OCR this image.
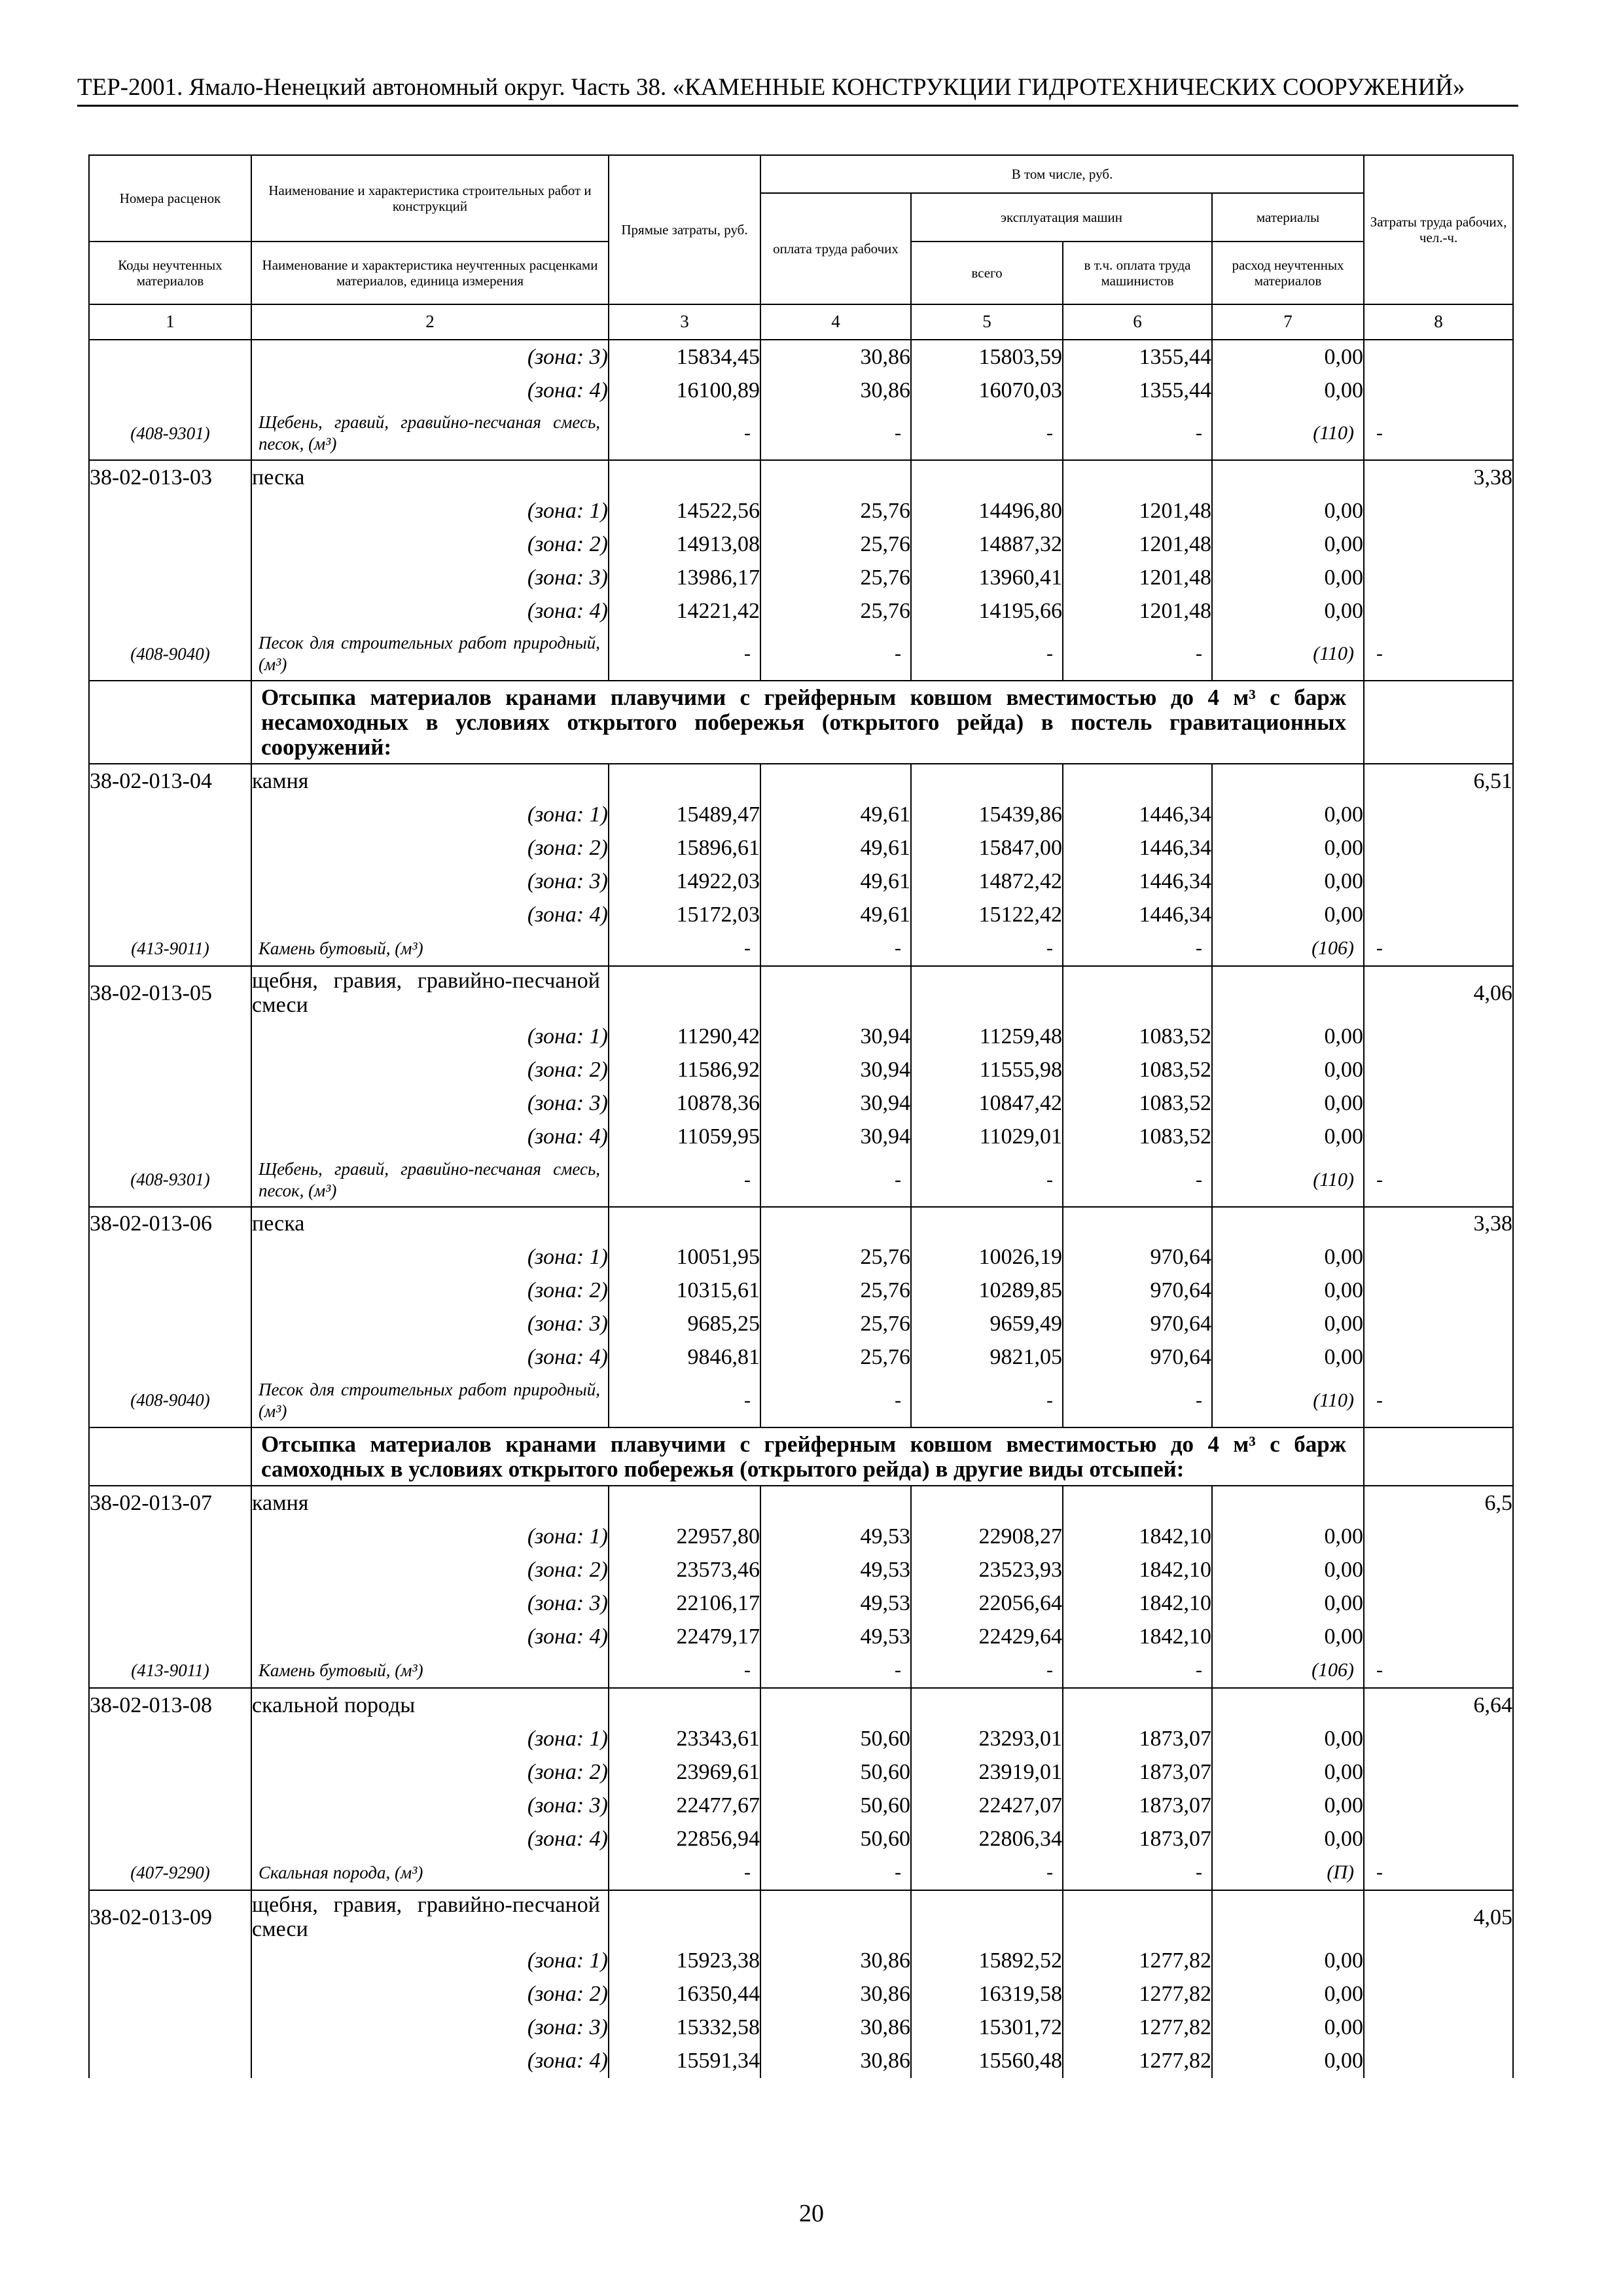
ТЕР-2001. Ямало-Ненецкий автономный округ. Часть 38. «КАМЕННЫЕ КОНСТРУКЦИИ ГИДРОТЕХНИЧЕСКИХ СООРУЖЕНИЙ»
Номера расценок	Наименование и характеристика строительных работ и конструкций	Прямые затраты, руб.	В том числе, руб.				Затраты труда рабочих, чел.-ч.
			оплата труда рабочих	эксплуатация машин		материалы	
Коды неучтенных материалов	Наименование и характеристика неучтенных расценками материалов, единица измерения			всего	в т.ч. оплата труда машинистов	расход неучтенных материалов	
1	2	3	4	5	6	7	8
	(зона: 3)	15834,45	30,86	15803,59	1355,44	0,00	
	(зона: 4)	16100,89	30,86	16070,03	1355,44	0,00	
(408-9301)	Щебень, гравий, гравийно-песчаная смесь, песок, (м³)	-	-	-	-	(110)	-
38-02-013-03	песка						3,38
	(зона: 1)	14522,56	25,76	14496,80	1201,48	0,00	
	(зона: 2)	14913,08	25,76	14887,32	1201,48	0,00	
	(зона: 3)	13986,17	25,76	13960,41	1201,48	0,00	
	(зона: 4)	14221,42	25,76	14195,66	1201,48	0,00	
(408-9040)	Песок для строительных работ природный, (м³)	-	-	-	-	(110)	-
	Отсыпка материалов кранами плавучими с грейферным ковшом вместимостью до 4 м³ с барж несамоходных в условиях открытого побережья (открытого рейда) в постель гравитационных сооружений:						
38-02-013-04	камня						6,51
	(зона: 1)	15489,47	49,61	15439,86	1446,34	0,00	
	(зона: 2)	15896,61	49,61	15847,00	1446,34	0,00	
	(зона: 3)	14922,03	49,61	14872,42	1446,34	0,00	
	(зона: 4)	15172,03	49,61	15122,42	1446,34	0,00	
(413-9011)	Камень бутовый, (м³)	-	-	-	-	(106)	-
38-02-013-05	щебня, гравия, гравийно-песчаной смеси						4,06
	(зона: 1)	11290,42	30,94	11259,48	1083,52	0,00	
	(зона: 2)	11586,92	30,94	11555,98	1083,52	0,00	
	(зона: 3)	10878,36	30,94	10847,42	1083,52	0,00	
	(зона: 4)	11059,95	30,94	11029,01	1083,52	0,00	
(408-9301)	Щебень, гравий, гравийно-песчаная смесь, песок, (м³)	-	-	-	-	(110)	-
38-02-013-06	песка						3,38
	(зона: 1)	10051,95	25,76	10026,19	970,64	0,00	
	(зона: 2)	10315,61	25,76	10289,85	970,64	0,00	
	(зона: 3)	9685,25	25,76	9659,49	970,64	0,00	
	(зона: 4)	9846,81	25,76	9821,05	970,64	0,00	
(408-9040)	Песок для строительных работ природный, (м³)	-	-	-	-	(110)	-
	Отсыпка материалов кранами плавучими с грейферным ковшом вместимостью до 4 м³ с барж самоходных в условиях открытого побережья (открытого рейда) в другие виды отсыпей:						
38-02-013-07	камня						6,5
	(зона: 1)	22957,80	49,53	22908,27	1842,10	0,00	
	(зона: 2)	23573,46	49,53	23523,93	1842,10	0,00	
	(зона: 3)	22106,17	49,53	22056,64	1842,10	0,00	
	(зона: 4)	22479,17	49,53	22429,64	1842,10	0,00	
(413-9011)	Камень бутовый, (м³)	-	-	-	-	(106)	-
38-02-013-08	скальной породы						6,64
	(зона: 1)	23343,61	50,60	23293,01	1873,07	0,00	
	(зона: 2)	23969,61	50,60	23919,01	1873,07	0,00	
	(зона: 3)	22477,67	50,60	22427,07	1873,07	0,00	
	(зона: 4)	22856,94	50,60	22806,34	1873,07	0,00	
(407-9290)	Скальная порода, (м³)	-	-	-	-	(П)	-
38-02-013-09	щебня, гравия, гравийно-песчаной смеси						4,05
	(зона: 1)	15923,38	30,86	15892,52	1277,82	0,00	
	(зона: 2)	16350,44	30,86	16319,58	1277,82	0,00	
	(зона: 3)	15332,58	30,86	15301,72	1277,82	0,00	
	(зона: 4)	15591,34	30,86	15560,48	1277,82	0,00	
20
